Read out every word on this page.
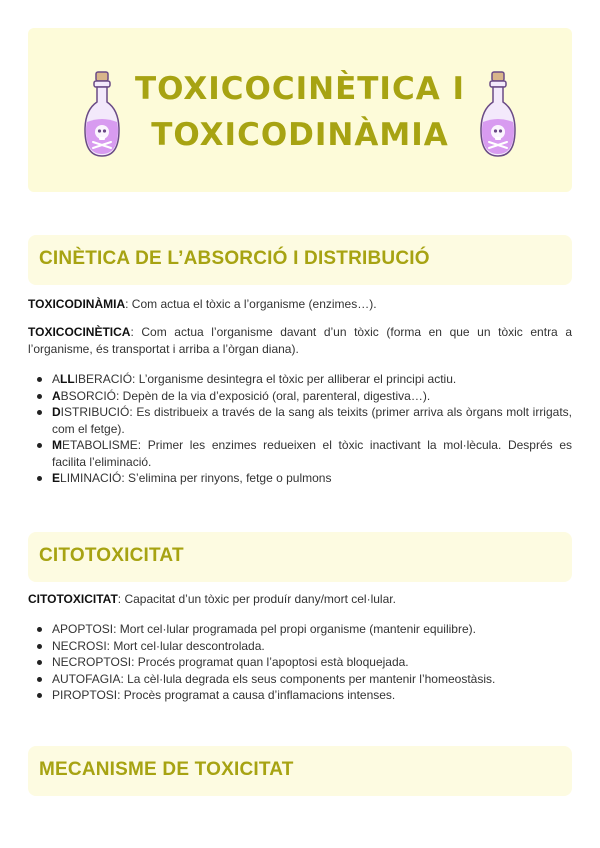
TOXICOCINÈTICA I
TOXICODINÀMIA
CINÈTICA DE L’ABSORCIÓ I DISTRIBUCIÓ

TOXICODINÀMIA: Com actua el tòxic a l’organisme (enzimes…).

TOXICOCINÈTICA: Com actua l’organisme davant d’un tòxic (forma en que un tòxic entra a l’organisme, és transportat i arriba a l’òrgan diana).

ALLIBERACIÓ: L’organisme desintegra el tòxic per alliberar el principi actiu.
ABSORCIÓ: Depèn de la via d’exposició (oral, parenteral, digestiva…).
DISTRIBUCIÓ: Es distribueix a través de la sang als teixits (primer arriva als òrgans molt irrigats, com el fetge).
METABOLISME: Primer les enzimes redueixen el tòxic inactivant la mol·lècula. Després es facilita l’eliminació.
ELIMINACIÓ: S’elimina per rinyons, fetge o pulmons
CITOTOXICITAT

CITOTOXICITAT: Capacitat d’un tòxic per produír dany/mort cel·lular.

APOPTOSI: Mort cel·lular programada pel propi organisme (mantenir equilibre).
NECROSI: Mort cel·lular descontrolada.
NECROPTOSI: Procés programat quan l’apoptosi està bloquejada.
AUTOFAGIA: La cèl·lula degrada els seus components per mantenir l’homeostàsis.
PIROPTOSI: Procès programat a causa d’inflamacions intenses.
MECANISME DE TOXICITAT
